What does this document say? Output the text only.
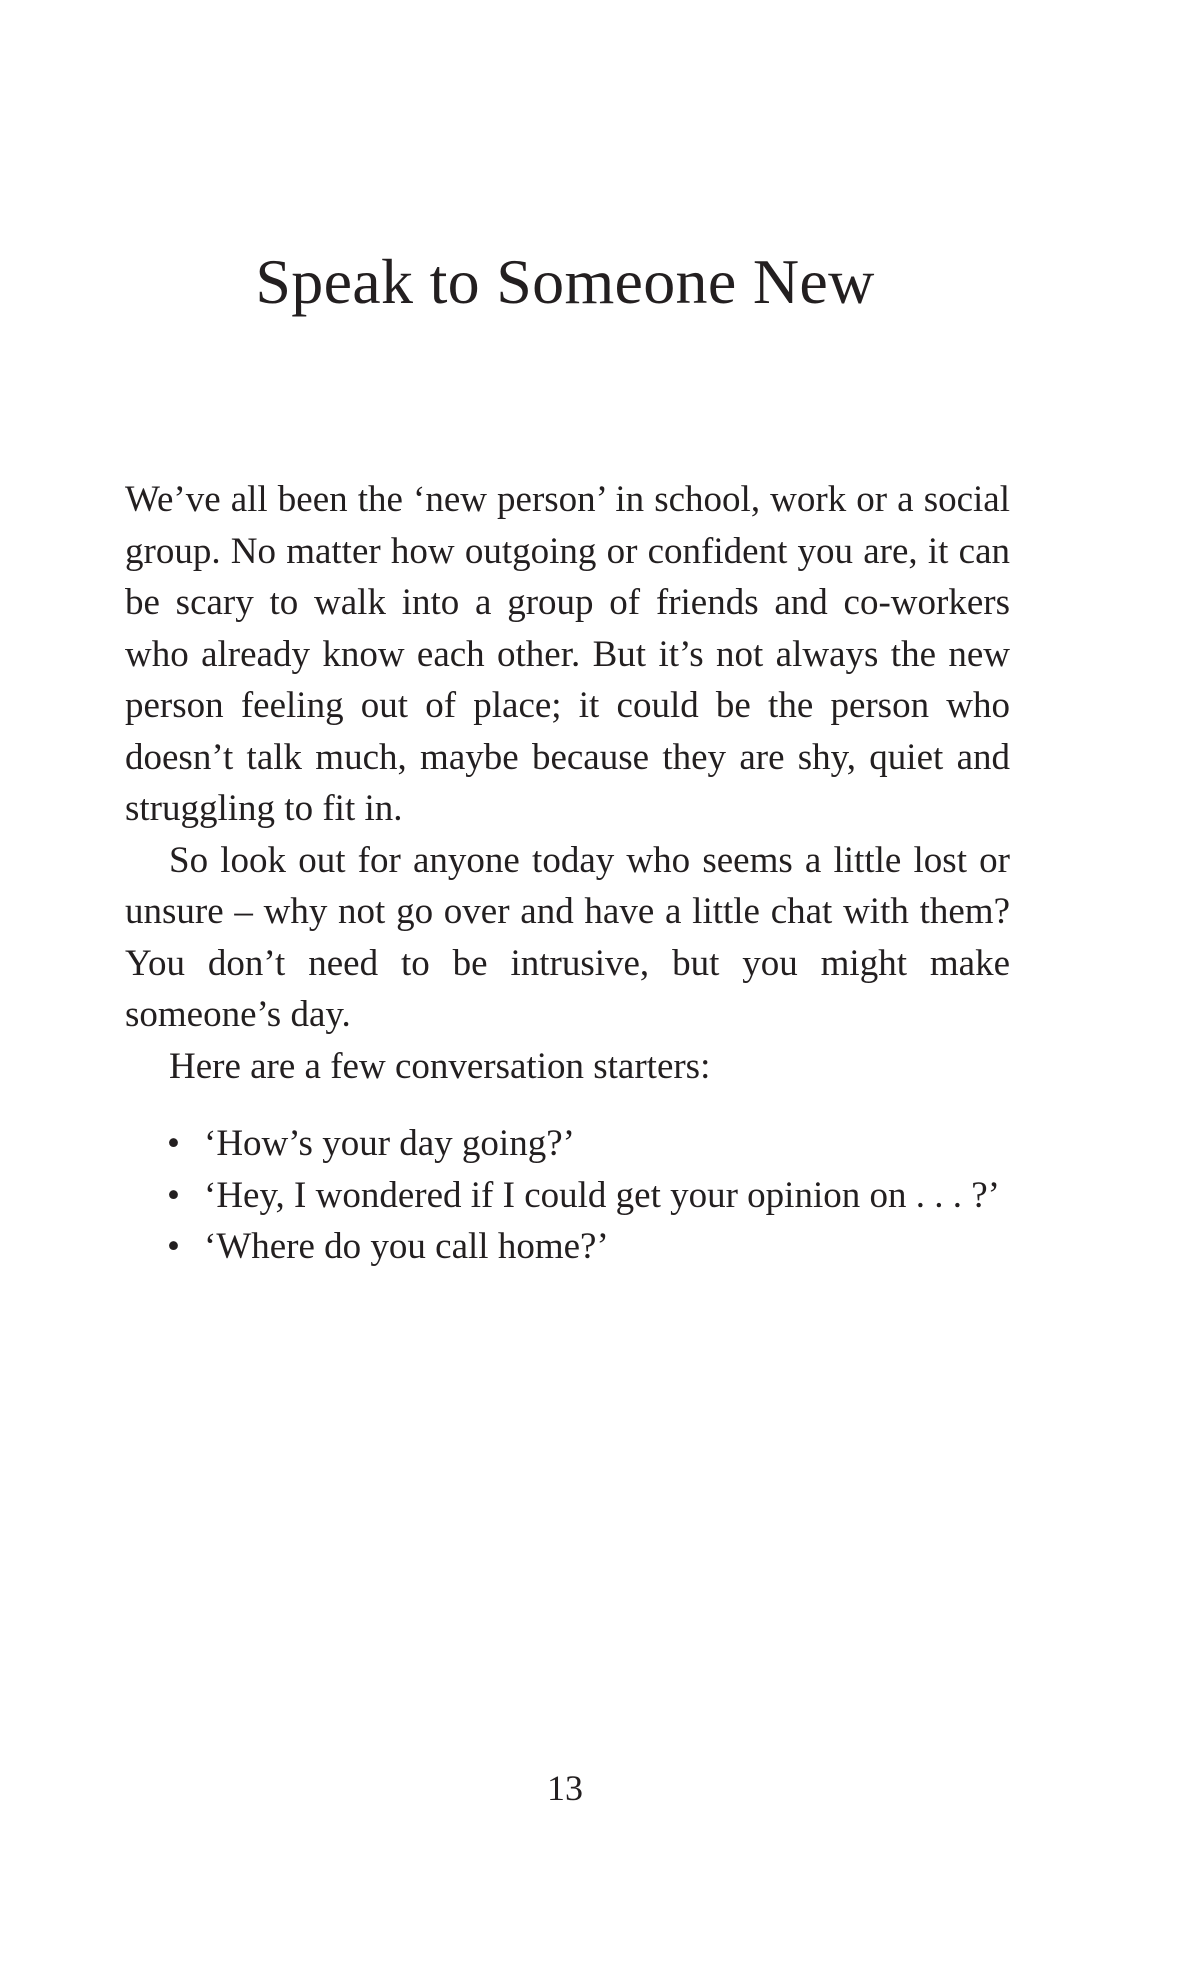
Speak to Someone New

We’ve all been the ‘new person’ in school, work or a social group. No matter how outgoing or confident you are, it can be scary to walk into a group of friends and co-workers who already know each other. But it’s not always the new person feeling out of place; it could be the person who doesn’t talk much, maybe because they are shy, quiet and struggling to fit in.

So look out for anyone today who seems a little lost or unsure – why not go over and have a little chat with them? You don’t need to be intrusive, but you might make someone’s day.

Here are a few conversation starters:

• ‘How’s your day going?’
• ‘Hey, I wondered if I could get your opinion on . . . ?’
• ‘Where do you call home?’
13
